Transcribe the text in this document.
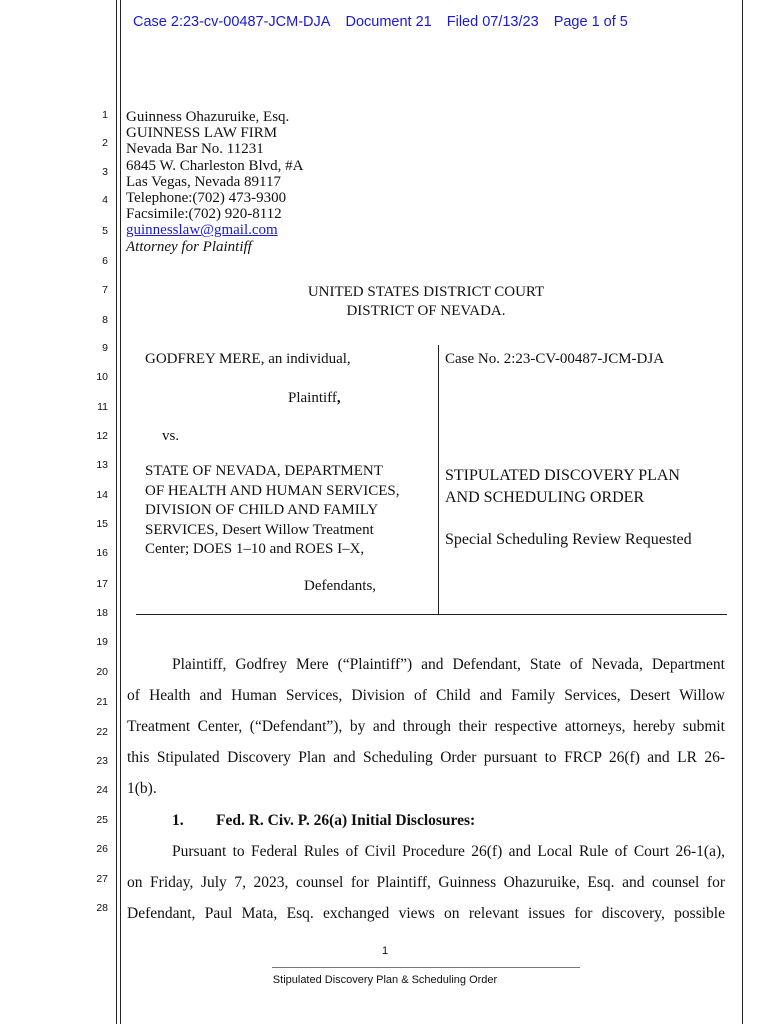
Case 2:23-cv-00487-JCM-DJA Document 21 Filed 07/13/23 Page 1 of 5
1
2
3
4
5
6
7
8
9
10
11
12
13
14
15
16
17
18
19
20
21
22
23
24
25
26
27
28
Guinness Ohazuruike, Esq.
GUINNESS LAW FIRM
Nevada Bar No. 11231
6845 W. Charleston Blvd, #A
Las Vegas, Nevada 89117
Telephone:(702) 473-9300
Facsimile:(702) 920-8112
guinnesslaw@gmail.com
Attorney for Plaintiff
UNITED STATES DISTRICT COURT
DISTRICT OF NEVADA.
GODFREY MERE, an individual,
Plaintiff,
vs.
STATE OF NEVADA, DEPARTMENT
OF HEALTH AND HUMAN SERVICES,
DIVISION OF CHILD AND FAMILY
SERVICES, Desert Willow Treatment
Center; DOES 1–10 and ROES I–X,
Defendants,
Case No. 2:23-CV-00487-JCM-DJA
STIPULATED DISCOVERY PLAN
AND SCHEDULING ORDER
Special Scheduling Review Requested
Plaintiff, Godfrey Mere (“Plaintiff”) and Defendant, State of Nevada, Department
of Health and Human Services, Division of Child and Family Services, Desert Willow
Treatment Center, (“Defendant”), by and through their respective attorneys, hereby submit
this Stipulated Discovery Plan and Scheduling Order pursuant to FRCP 26(f) and LR 26-
1(b).
1. Fed. R. Civ. P. 26(a) Initial Disclosures:
Pursuant to Federal Rules of Civil Procedure 26(f) and Local Rule of Court 26-1(a),
on Friday, July 7, 2023, counsel for Plaintiff, Guinness Ohazuruike, Esq. and counsel for
Defendant, Paul Mata, Esq. exchanged views on relevant issues for discovery, possible
1
Stipulated Discovery Plan & Scheduling Order
